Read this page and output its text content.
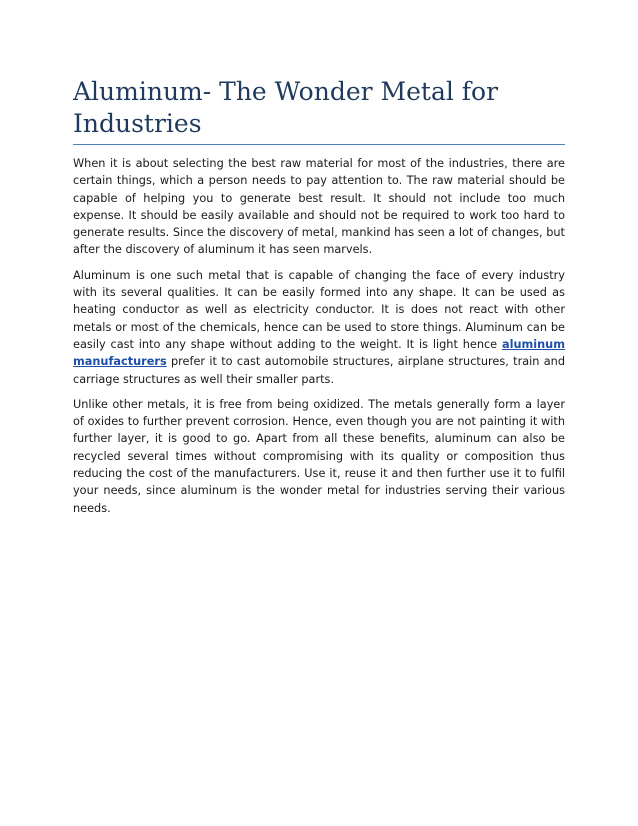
Aluminum- The Wonder Metal for Industries

When it is about selecting the best raw material for most of the industries, there are certain things, which a person needs to pay attention to. The raw material should be capable of helping you to generate best result. It should not include too much expense. It should be easily available and should not be required to work too hard to generate results. Since the discovery of metal, mankind has seen a lot of changes, but after the discovery of aluminum it has seen marvels.

Aluminum is one such metal that is capable of changing the face of every industry with its several qualities. It can be easily formed into any shape. It can be used as heating conductor as well as electricity conductor. It is does not react with other metals or most of the chemicals, hence can be used to store things. Aluminum can be easily cast into any shape without adding to the weight. It is light hence aluminum manufacturers prefer it to cast automobile structures, airplane structures, train and carriage structures as well their smaller parts.

Unlike other metals, it is free from being oxidized. The metals generally form a layer of oxides to further prevent corrosion. Hence, even though you are not painting it with further layer, it is good to go. Apart from all these benefits, aluminum can also be recycled several times without compromising with its quality or composition thus reducing the cost of the manufacturers. Use it, reuse it and then further use it to fulfil your needs, since aluminum is the wonder metal for industries serving their various needs.
